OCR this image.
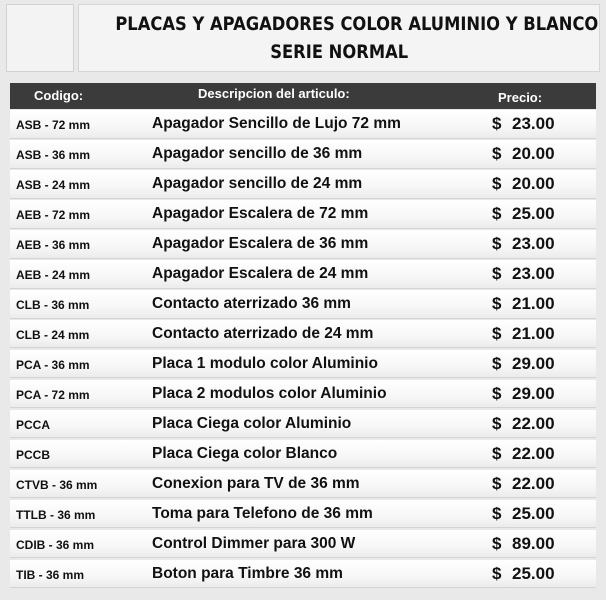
PLACAS Y APAGADORES COLOR ALUMINIO Y BLANCO
SERIE NORMAL
Codigo:	Descripcion del articulo:	Precio:
ASB - 72 mm	Apagador Sencillo de Lujo 72 mm	$ 23.00
ASB - 36 mm	Apagador sencillo de 36 mm	$ 20.00
ASB - 24 mm	Apagador sencillo de 24 mm	$ 20.00
AEB - 72 mm	Apagador Escalera de 72 mm	$ 25.00
AEB - 36 mm	Apagador Escalera de 36 mm	$ 23.00
AEB - 24 mm	Apagador Escalera de 24 mm	$ 23.00
CLB - 36 mm	Contacto aterrizado 36 mm	$ 21.00
CLB - 24 mm	Contacto aterrizado de 24 mm	$ 21.00
PCA - 36 mm	Placa 1 modulo color Aluminio	$ 29.00
PCA - 72 mm	Placa 2 modulos color Aluminio	$ 29.00
PCCA	Placa Ciega color Aluminio	$ 22.00
PCCB	Placa Ciega color Blanco	$ 22.00
CTVB - 36 mm	Conexion para TV de 36 mm	$ 22.00
TTLB - 36 mm	Toma para Telefono de 36 mm	$ 25.00
CDIB - 36 mm	Control Dimmer para 300 W	$ 89.00
TIB - 36 mm	Boton para Timbre 36 mm	$ 25.00
